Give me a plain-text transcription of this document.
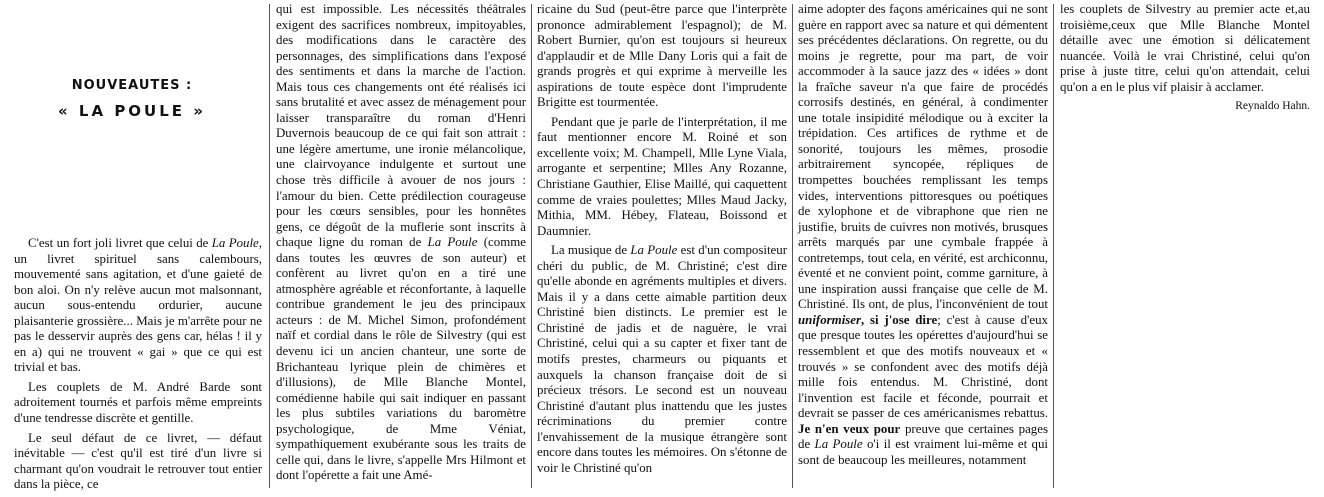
NOUVEAUTES :
« LA POULE »

C'est un fort joli livret que celui de La Poule, un livret spirituel sans calembours, mouvementé sans agitation, et d'une gaieté de bon aloi. On n'y relève aucun mot malsonnant, aucun sous-entendu ordurier, aucune plaisanterie grossière... Mais je m'arrête pour ne pas le desservir auprès des gens car, hélas ! il y en a) qui ne trouvent « gai » que ce qui est trivial et bas.

Les couplets de M. André Barde sont adroitement tournés et parfois même empreints d'une tendresse discrète et gentille.

Le seul défaut de ce livret, — défaut inévitable — c'est qu'il est tiré d'un livre si charmant qu'on voudrait le retrouver tout entier dans la pièce, ce

qui est impossible. Les nécessités théâtrales exigent des sacrifices nombreux, impitoyables, des modifications dans le caractère des personnages, des simplifications dans l'exposé des sentiments et dans la marche de l'action. Mais tous ces changements ont été réalisés ici sans brutalité et avec assez de ménagement pour laisser transparaître du roman d'Henri Duvernois beaucoup de ce qui fait son attrait : une légère amertume, une ironie mélancolique, une clairvoyance indulgente et surtout une chose très difficile à avouer de nos jours : l'amour du bien. Cette prédilection courageuse pour les cœurs sensibles, pour les honnêtes gens, ce dégoût de la muflerie sont inscrits à chaque ligne du roman de La Poule (comme dans toutes les œuvres de son auteur) et confèrent au livret qu'on en a tiré une atmosphère agréable et réconfortante, à laquelle contribue grandement le jeu des principaux acteurs : de M. Michel Simon, profondément naïf et cordial dans le rôle de Silvestry (qui est devenu ici un ancien chanteur, une sorte de Brichanteau lyrique plein de chimères et d'illusions), de Mlle Blanche Montel, comédienne habile qui sait indiquer en passant les plus subtiles variations du baromètre psychologique, de Mme Véniat, sympathiquement exubérante sous les traits de celle qui, dans le livre, s'appelle Mrs Hilmont et dont l'opérette a fait une Amé-

ricaine du Sud (peut-être parce que l'interprète prononce admirablement l'espagnol); de M. Robert Burnier, qu'on est toujours si heureux d'applaudir et de Mlle Dany Loris qui a fait de grands progrès et qui exprime à merveille les aspirations de toute espèce dont l'imprudente Brigitte est tourmentée.

Pendant que je parle de l'interprétation, il me faut mentionner encore M. Roiné et son excellente voix; M. Champell, Mlle Lyne Viala, arrogante et serpentine; Mlles Any Rozanne, Christiane Gauthier, Elise Maillé, qui caquettent comme de vraies poulettes; Mlles Maud Jacky, Mithia, MM. Hébey, Flateau, Boissond et Daumnier.

La musique de La Poule est d'un compositeur chéri du public, de M. Christiné; c'est dire qu'elle abonde en agréments multiples et divers. Mais il y a dans cette aimable partition deux Christiné bien distincts. Le premier est le Christiné de jadis et de naguère, le vrai Christiné, celui qui a su capter et fixer tant de motifs prestes, charmeurs ou piquants et auxquels la chanson française doit de si précieux trésors. Le second est un nouveau Christiné d'autant plus inattendu que les justes récriminations du premier contre l'envahissement de la musique étrangère sont encore dans toutes les mémoires. On s'étonne de voir le Christiné qu'on

aime adopter des façons américaines qui ne sont guère en rapport avec sa nature et qui démentent ses précédentes déclarations. On regrette, ou du moins je regrette, pour ma part, de voir accommoder à la sauce jazz des « idées » dont la fraîche saveur n'a que faire de procédés corrosifs destinés, en général, à condimenter une totale insipidité mélodique ou à exciter la trépidation. Ces artifices de rythme et de sonorité, toujours les mêmes, prosodie arbitrairement syncopée, répliques de trompettes bouchées remplissant les temps vides, interventions pittoresques ou poétiques de xylophone et de vibraphone que rien ne justifie, bruits de cuivres non motivés, brusques arrêts marqués par une cymbale frappée à contretemps, tout cela, en vérité, est archiconnu, éventé et ne convient point, comme garniture, à une inspiration aussi française que celle de M. Christiné. Ils ont, de plus, l'inconvénient de tout uniformiser, si j'ose dire; c'est à cause d'eux que presque toutes les opérettes d'aujourd'hui se ressemblent et que des motifs nouveaux et « trouvés » se confondent avec des motifs déjà mille fois entendus. M. Christiné, dont l'invention est facile et féconde, pourrait et devrait se passer de ces américanismes rebattus. Je n'en veux pour preuve que certaines pages de La Poule o'i il est vraiment lui-même et qui sont de beaucoup les meilleures, notamment

les couplets de Silvestry au premier acte et,au troisième,ceux que Mlle Blanche Montel détaille avec une émotion si délicatement nuancée. Voilà le vrai Christiné, celui qu'on prise à juste titre, celui qu'on attendait, celui qu'on a en le plus vif plaisir à acclamer.

Reynaldo Hahn.
